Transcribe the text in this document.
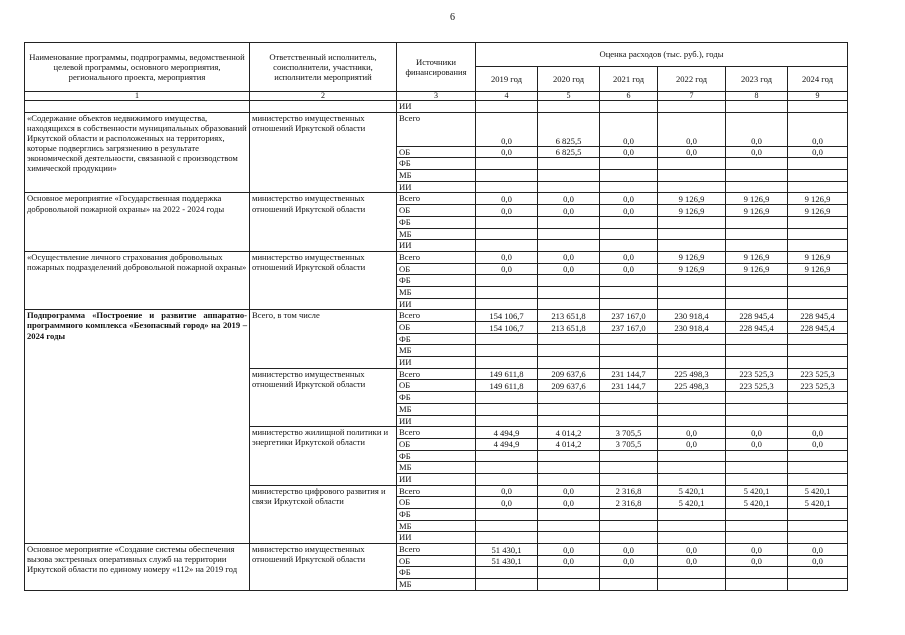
6
Наименование программы, подпрограммы, ведомственной целевой программы, основного мероприятия, регионального проекта, мероприятия	Ответственный исполнитель, соисполнители, участники, исполнители мероприятий	Источники финансирования	Оценка расходов (тыс. руб.), годы					
			2019 год	2020 год	2021 год	2022 год	2023 год	2024 год
1	2	3	4	5	6	7	8	9
		ИИ						
«Содержание объектов недвижимого имущества, находящихся в собственности муниципальных образований Иркутской области и расположенных на территориях, которые подверглись загрязнению в результате экономической деятельности, связанной с производством химической продукции»	министерство имущественных отношений Иркутской области	Всего	0,0	6 825,5	0,0	0,0	0,0	0,0
		ОБ	0,0	6 825,5	0,0	0,0	0,0	0,0
		ФБ						
		МБ						
		ИИ						
Основное мероприятие «Государственная поддержка добровольной пожарной охраны» на 2022 - 2024 годы	министерство имущественных отношений Иркутской области	Всего	0,0	0,0	0,0	9 126,9	9 126,9	9 126,9
		ОБ	0,0	0,0	0,0	9 126,9	9 126,9	9 126,9
		ФБ						
		МБ						
		ИИ						
«Осуществление личного страхования добровольных пожарных подразделений добровольной пожарной охраны»	министерство имущественных отношений Иркутской области	Всего	0,0	0,0	0,0	9 126,9	9 126,9	9 126,9
		ОБ	0,0	0,0	0,0	9 126,9	9 126,9	9 126,9
		ФБ						
		МБ						
		ИИ						
Подпрограмма «Построение и развитие аппаратно-программного комплекса «Безопасный город» на 2019 – 2024 годы	Всего, в том числе	Всего	154 106,7	213 651,8	237 167,0	230 918,4	228 945,4	228 945,4
		ОБ	154 106,7	213 651,8	237 167,0	230 918,4	228 945,4	228 945,4
		ФБ						
		МБ						
		ИИ						
	министерство имущественных отношений Иркутской области	Всего	149 611,8	209 637,6	231 144,7	225 498,3	223 525,3	223 525,3
		ОБ	149 611,8	209 637,6	231 144,7	225 498,3	223 525,3	223 525,3
		ФБ						
		МБ						
		ИИ						
	министерство жилищной политики и энергетики Иркутской области	Всего	4 494,9	4 014,2	3 705,5	0,0	0,0	0,0
		ОБ	4 494,9	4 014,2	3 705,5	0,0	0,0	0,0
		ФБ						
		МБ						
		ИИ						
	министерство цифрового развития и связи Иркутской области	Всего	0,0	0,0	2 316,8	5 420,1	5 420,1	5 420,1
		ОБ	0,0	0,0	2 316,8	5 420,1	5 420,1	5 420,1
		ФБ						
		МБ						
		ИИ						
Основное мероприятие «Создание системы обеспечения вызова экстренных оперативных служб на территории Иркутской области по единому номеру «112» на 2019 год	министерство имущественных отношений Иркутской области	Всего	51 430,1	0,0	0,0	0,0	0,0	0,0
		ОБ	51 430,1	0,0	0,0	0,0	0,0	0,0
		ФБ						
		МБ						
